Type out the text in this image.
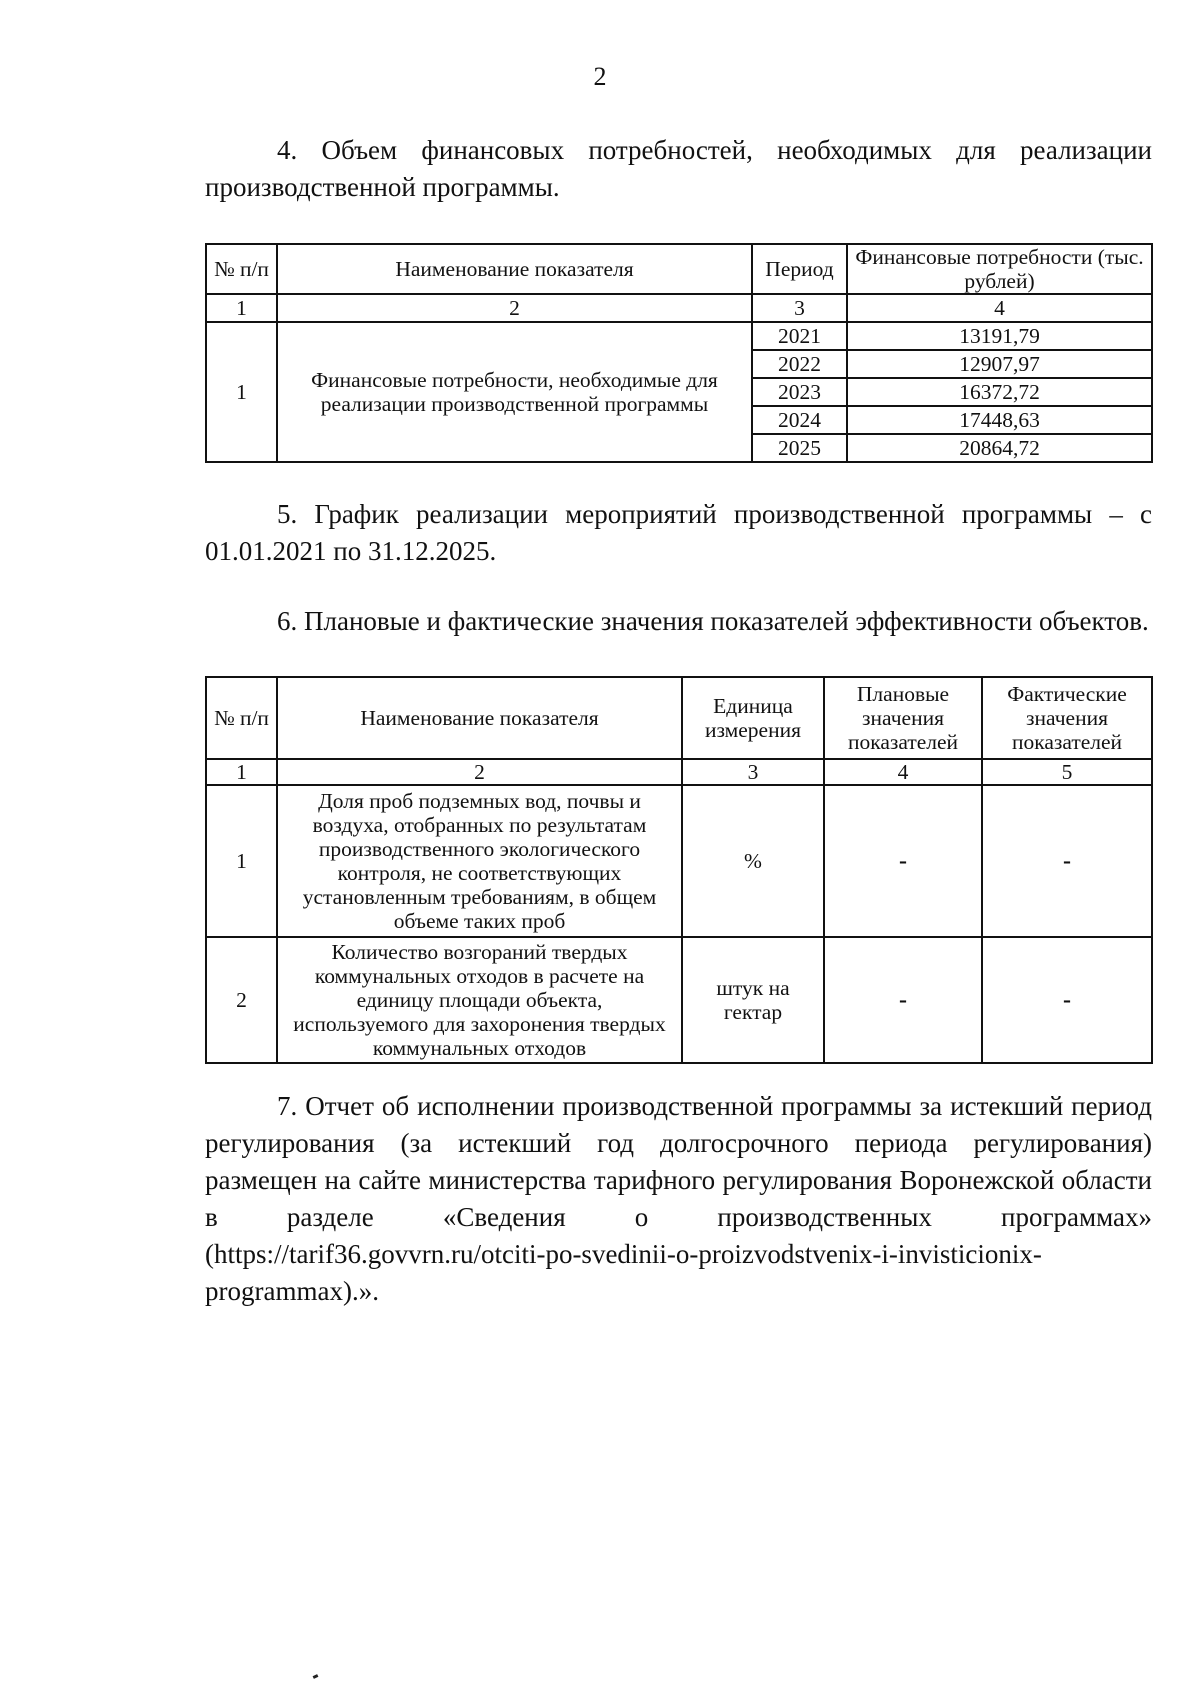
2

4. Объем финансовых потребностей, необходимых для реализации производственной программы.

№ п/п	Наименование показателя	Период	Финансовые потребности (тыс. рублей)
1	2	3	4
1	Финансовые потребности, необходимые для реализации производственной программы	2021	13191,79
		2022	12907,97
		2023	16372,72
		2024	17448,63
		2025	20864,72

5. График реализации мероприятий производственной программы – с 01.01.2021 по 31.12.2025.

6. Плановые и фактические значения показателей эффективности объектов.

№ п/п	Наименование показателя	Единица измерения	Плановые значения показателей	Фактические значения показателей
1	2	3	4	5
1	Доля проб подземных вод, почвы и воздуха, отобранных по результатам производственного экологического контроля, не соответствующих установленным требованиям, в общем объеме таких проб	%	-	-
2	Количество возгораний твердых коммунальных отходов в расчете на единицу площади объекта, используемого для захоронения твердых коммунальных отходов	штук на гектар	-	-

7. Отчет об исполнении производственной программы за истекший период регулирования (за истекший год долгосрочного периода регулирования) размещен на сайте министерства тарифного регулирования Воронежской области в разделе «Сведения о производственных программах» (https://tarif36.govvrn.ru/otciti-po-svedinii-o-proizvodstvenix-i-invisticionix-programmax).».
